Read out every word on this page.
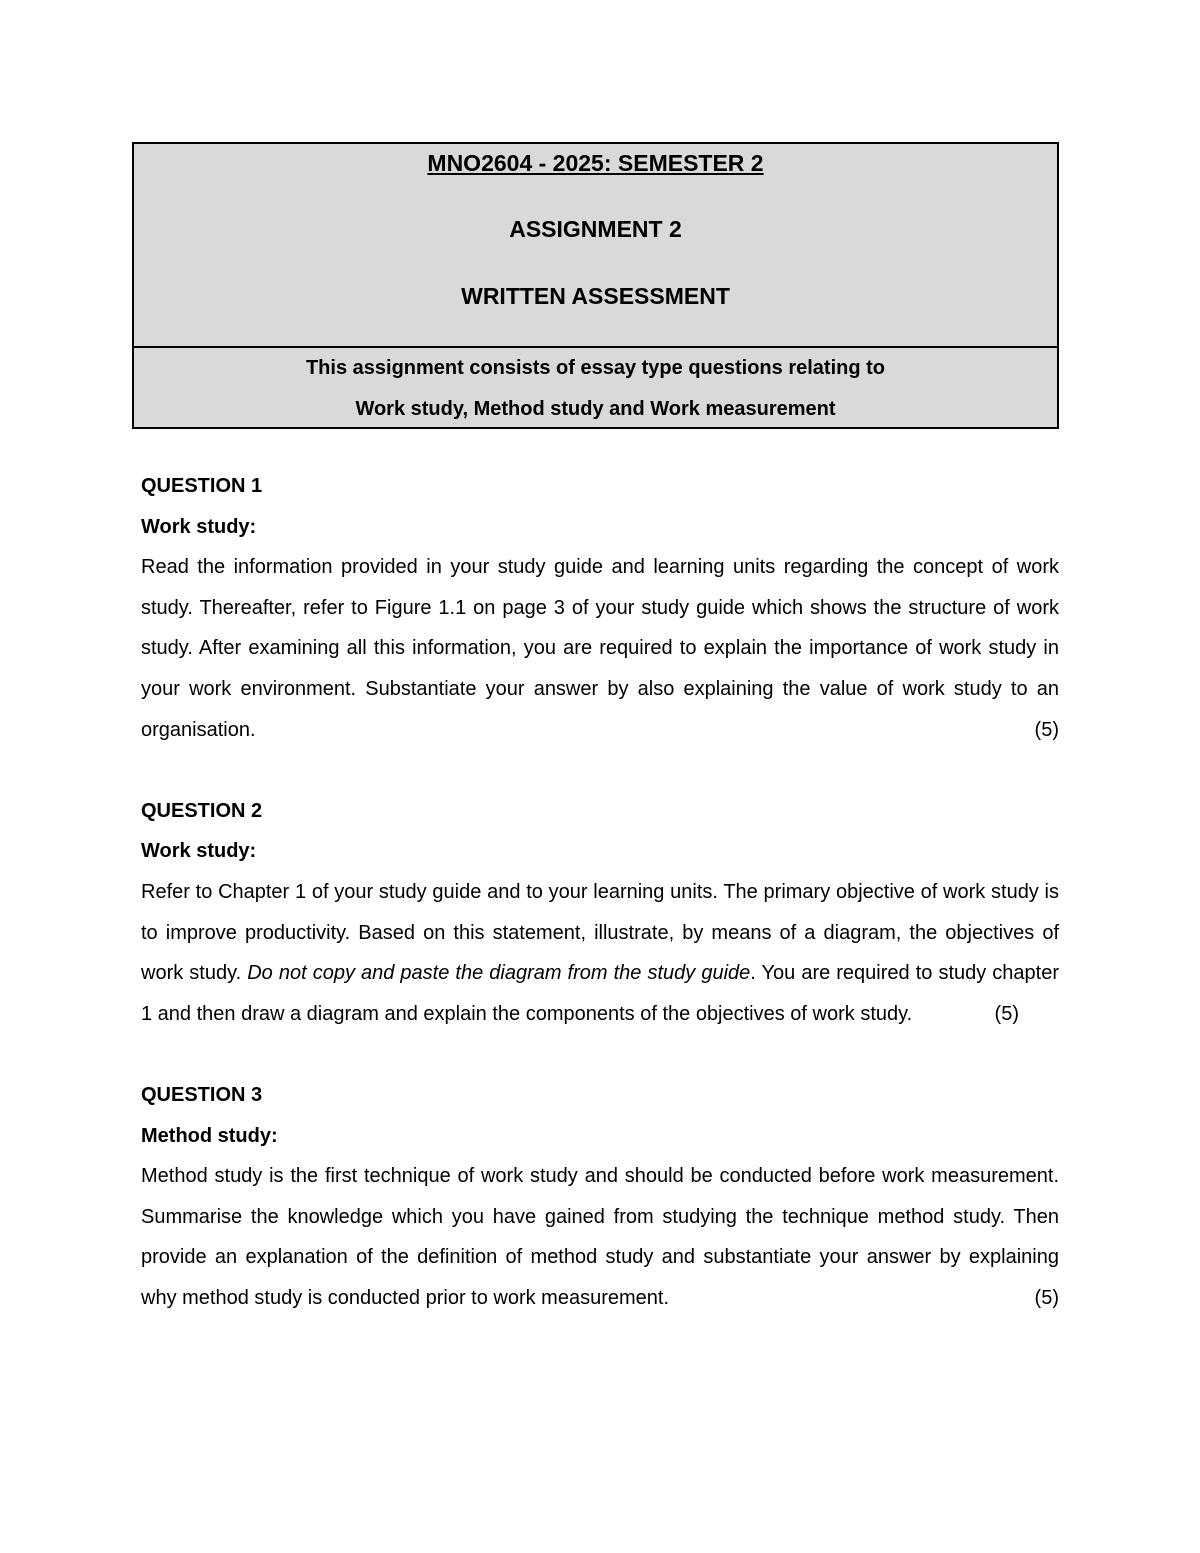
MNO2604 - 2025: SEMESTER 2
ASSIGNMENT 2
WRITTEN ASSESSMENT
This assignment consists of essay type questions relating to
Work study, Method study and Work measurement
QUESTION 1
Work study:

Read the information provided in your study guide and learning units regarding the concept of work study. Thereafter, refer to Figure 1.1 on page 3 of your study guide which shows the structure of work study. After examining all this information, you are required to explain the importance of work study in your work environment. Substantiate your answer by also explaining the value of work study to an organisation.	(5)

QUESTION 2
Work study:

Refer to Chapter 1 of your study guide and to your learning units. The primary objective of work study is to improve productivity. Based on this statement, illustrate, by means of a diagram, the objectives of work study. Do not copy and paste the diagram from the study guide. You are required to study chapter 1 and then draw a diagram and explain the components of the objectives of work study.	(5)

QUESTION 3
Method study:

Method study is the first technique of work study and should be conducted before work measurement. Summarise the knowledge which you have gained from studying the technique method study. Then provide an explanation of the definition of method study and substantiate your answer by explaining why method study is conducted prior to work measurement.	(5)
